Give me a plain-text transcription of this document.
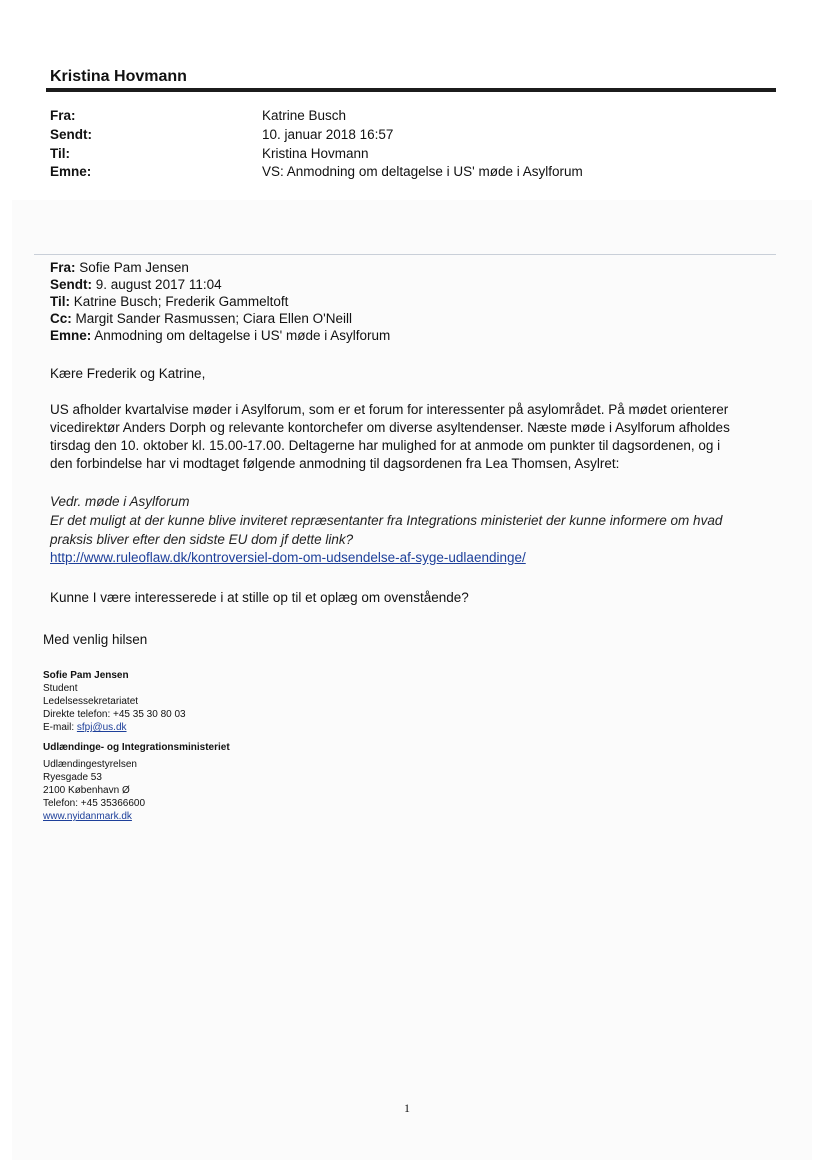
Kristina Hovmann
Fra:	Katrine Busch
Sendt:	10. januar 2018 16:57
Til:	Kristina Hovmann
Emne:	VS: Anmodning om deltagelse i US' møde i Asylforum
Fra: Sofie Pam Jensen
Sendt: 9. august 2017 11:04
Til: Katrine Busch; Frederik Gammeltoft
Cc: Margit Sander Rasmussen; Ciara Ellen O'Neill
Emne: Anmodning om deltagelse i US' møde i Asylforum
Kære Frederik og Katrine,
US afholder kvartalvise møder i Asylforum, som er et forum for interessenter på asylområdet. På mødet orienterer
vicedirektør Anders Dorph og relevante kontorchefer om diverse asyltendenser. Næste møde i Asylforum afholdes
tirsdag den 10. oktober kl. 15.00-17.00. Deltagerne har mulighed for at anmode om punkter til dagsordenen, og i
den forbindelse har vi modtaget følgende anmodning til dagsordenen fra Lea Thomsen, Asylret:
Vedr. møde i Asylforum
Er det muligt at der kunne blive inviteret repræsentanter fra Integrations ministeriet der kunne informere om hvad
praksis bliver efter den sidste EU dom jf dette link?
http://www.ruleoflaw.dk/kontroversiel-dom-om-udsendelse-af-syge-udlaendinge/
Kunne I være interesserede i at stille op til et oplæg om ovenstående?
Med venlig hilsen
Sofie Pam Jensen
Student
Ledelsessekretariatet
Direkte telefon: +45 35 30 80 03
E-mail: sfpj@us.dk
Udlændinge- og Integrationsministeriet
Udlændingestyrelsen
Ryesgade 53
2100 København Ø
Telefon: +45 35366600
www.nyidanmark.dk
1
